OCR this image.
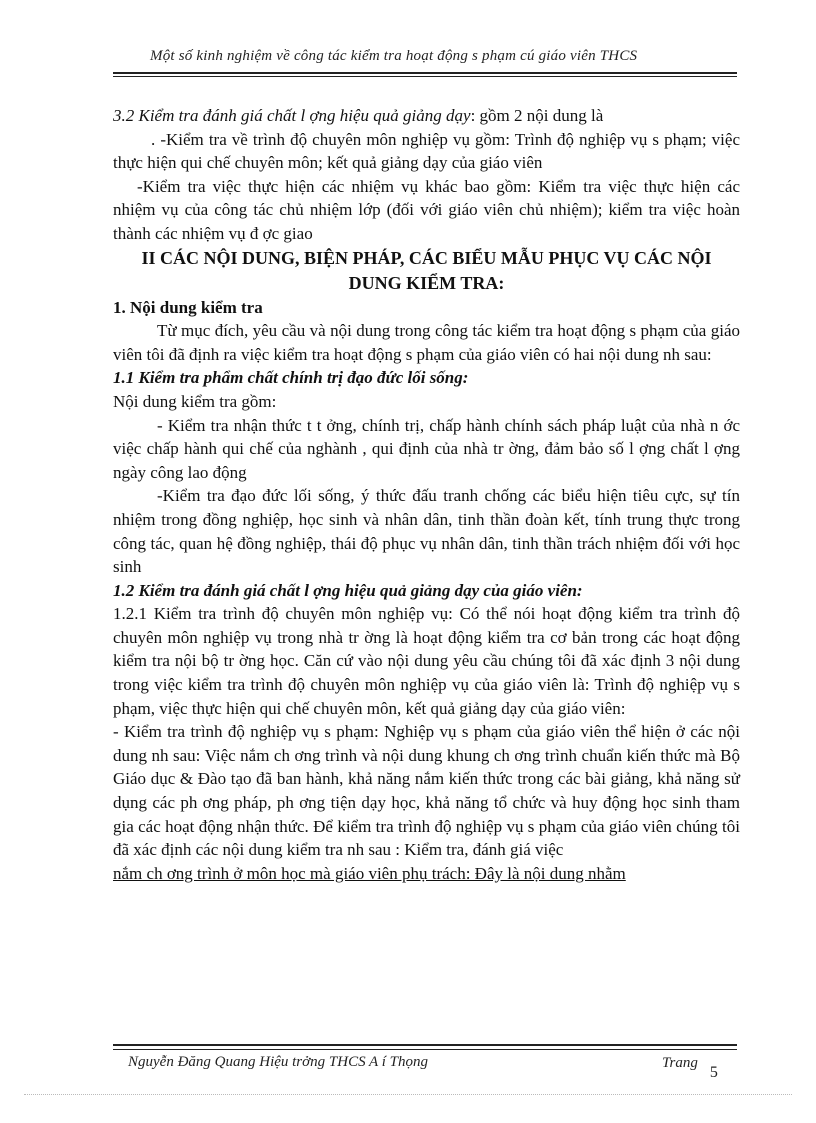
Một số kinh nghiệm về công tác kiểm tra hoạt động s phạm cú giáo viên THCS

3.2 Kiểm tra đánh giá chất l ợng hiệu quả giảng dạy: gồm 2 nội dung là

. -Kiểm tra về trình độ chuyên môn nghiệp vụ gồm: Trình độ nghiệp vụ s phạm; việc thực hiện qui chế chuyên môn; kết quả giảng dạy của giáo viên

-Kiểm tra việc thực hiện các nhiệm vụ khác bao gồm: Kiểm tra việc thực hiện các nhiệm vụ của công tác chủ nhiệm lớp (đối với giáo viên chủ nhiệm); kiểm tra việc hoàn thành các nhiệm vụ đ ợc giao

II CÁC NỘI DUNG, BIỆN PHÁP, CÁC BIỂU MẪU PHỤC VỤ CÁC NỘI DUNG KIỂM TRA:

1. Nội dung kiểm tra

Từ mục đích, yêu cầu và nội dung trong công tác kiểm tra hoạt động s phạm của giáo viên tôi đã định ra việc kiểm tra hoạt động s phạm của giáo viên có hai nội dung nh sau:

1.1 Kiểm tra phẩm chất chính trị đạo đức lối sống:

Nội dung kiểm tra gồm:

- Kiểm tra nhận thức t t ởng, chính trị, chấp hành chính sách pháp luật của nhà n ớc việc chấp hành qui chế của nghành , qui định của nhà tr ờng, đảm bảo số l ợng chất l ợng ngày công lao động

-Kiểm tra đạo đức lối sống, ý thức đấu tranh chống các biểu hiện tiêu cực, sự tín nhiệm trong đồng nghiệp, học sinh và nhân dân, tinh thần đoàn kết, tính trung thực trong công tác, quan hệ đồng nghiệp, thái độ phục vụ nhân dân, tinh thần trách nhiệm đối với học sinh

1.2 Kiểm tra đánh giá chất l ợng hiệu quả giảng dạy của giáo viên:

1.2.1 Kiểm tra trình độ chuyên môn nghiệp vụ: Có thể nói hoạt động kiểm tra trình độ chuyên môn nghiệp vụ trong nhà tr ờng là hoạt động kiểm tra cơ bản trong các hoạt động kiểm tra nội bộ tr ờng học. Căn cứ vào nội dung yêu cầu chúng tôi đã xác định 3 nội dung trong việc kiểm tra trình độ chuyên môn nghiệp vụ của giáo viên là: Trình độ nghiệp vụ s phạm, việc thực hiện qui chế chuyên môn, kết quả giảng dạy của giáo viên:

- Kiểm tra trình độ nghiệp vụ s phạm: Nghiệp vụ s phạm của giáo viên thể hiện ở các nội dung nh sau: Việc nắm ch ơng trình và nội dung khung ch ơng trình chuẩn kiến thức mà Bộ Giáo dục & Đào tạo đã ban hành, khả năng nắm kiến thức trong các bài giảng, khả năng sử dụng các ph ơng pháp, ph ơng tiện dạy học, khả năng tổ chức và huy động học sinh tham gia các hoạt động nhận thức. Để kiểm tra trình độ nghiệp vụ s phạm của giáo viên chúng tôi đã xác định các nội dung kiểm tra nh sau : Kiểm tra, đánh giá việc

nắm ch ơng trình ở môn học mà giáo viên phụ trách: Đây là nội dung nhằm

Nguyễn Đăng Quang Hiệu trởng THCS A í Thọng	Trang5
